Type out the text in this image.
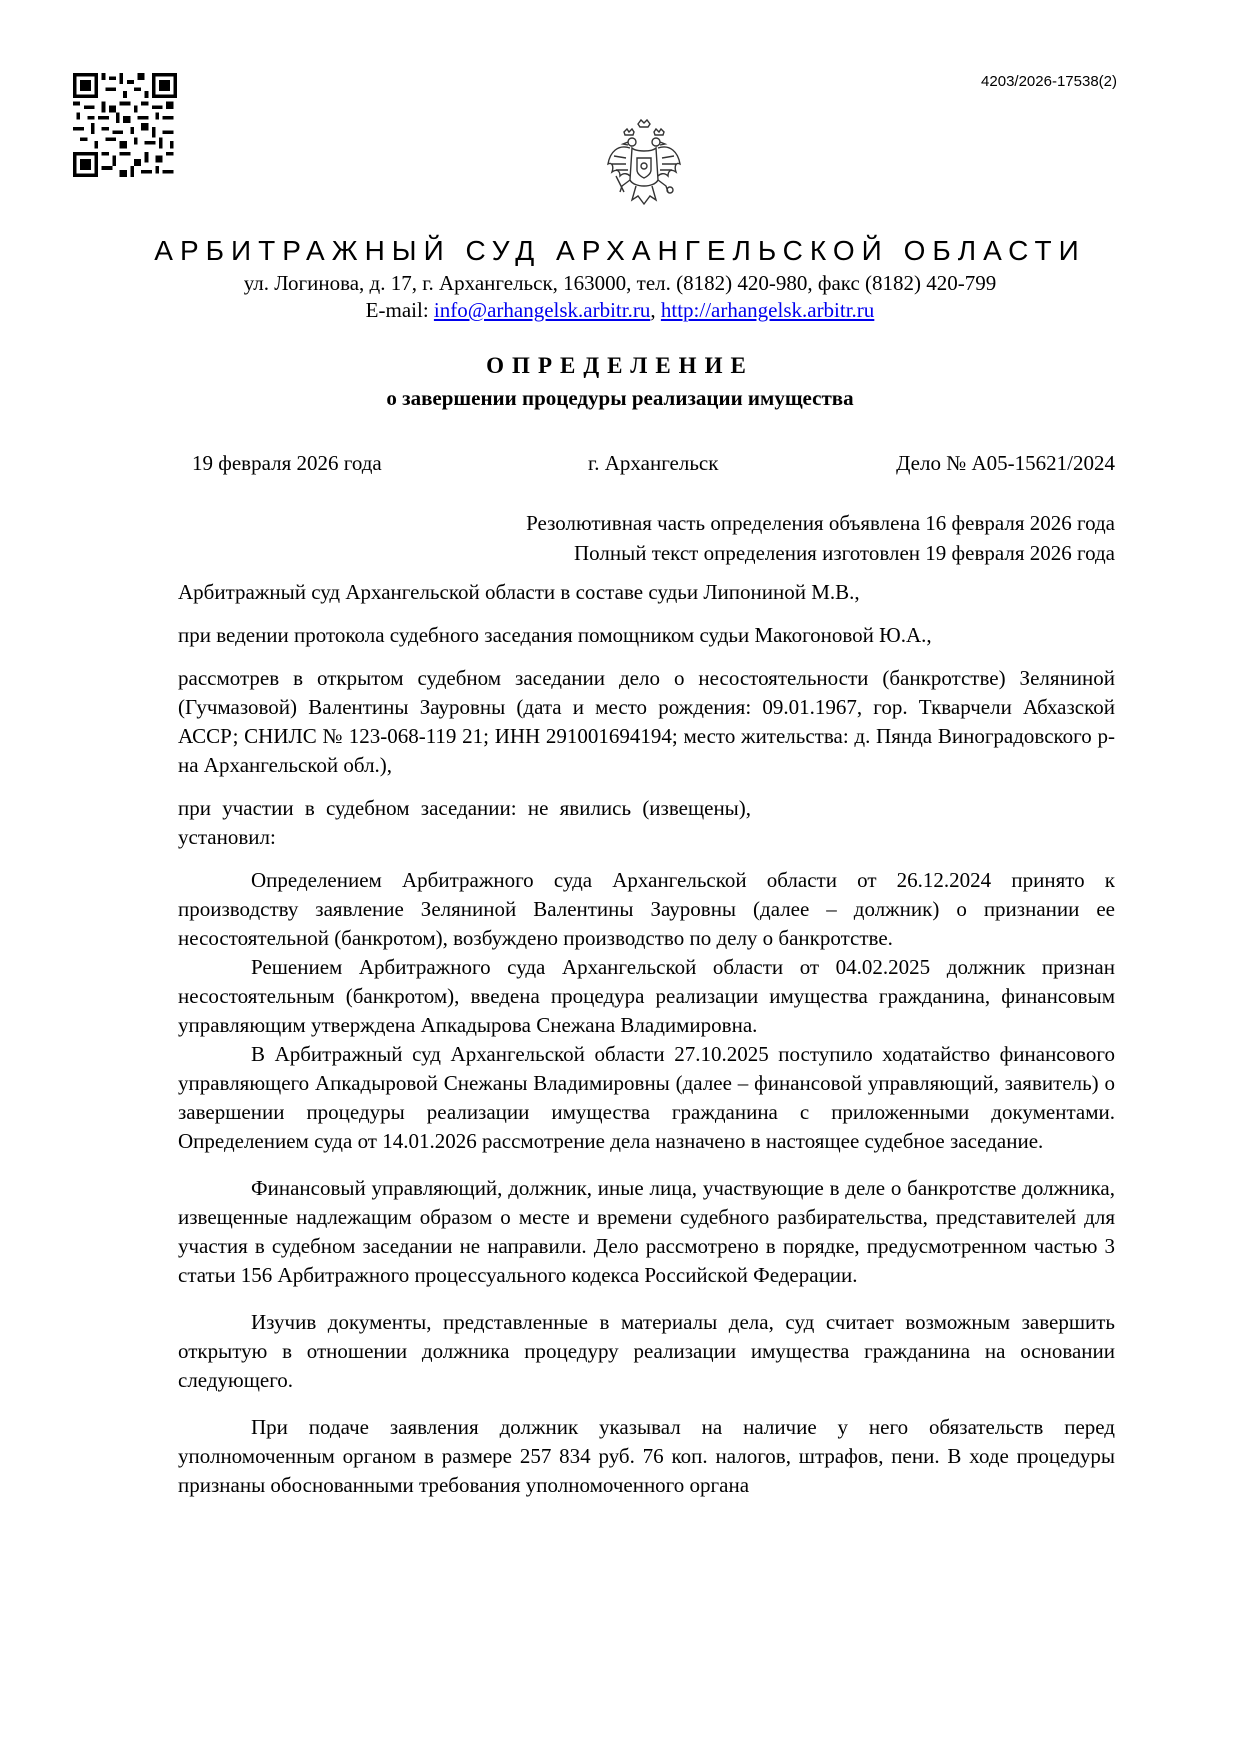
4203/2026-17538(2)
АРБИТРАЖНЫЙ СУД АРХАНГЕЛЬСКОЙ ОБЛАСТИ
ул. Логинова, д. 17, г. Архангельск, 163000, тел. (8182) 420-980, факс (8182) 420-799
E-mail: info@arhangelsk.arbitr.ru, http://arhangelsk.arbitr.ru
ОПРЕДЕЛЕНИЕ
о завершении процедуры реализации имущества
19 февраля 2026 года	г. Архангельск	Дело № А05-15621/2024
Резолютивная часть определения объявлена 16 февраля 2026 года
Полный текст определения изготовлен 19 февраля 2026 года

Арбитражный суд Архангельской области в составе судьи Липониной М.В.,

при ведении протокола судебного заседания помощником судьи Макогоновой Ю.А.,

рассмотрев в открытом судебном заседании дело о несостоятельности (банкротстве) Зеляниной (Гучмазовой) Валентины Зауровны (дата и место рождения: 09.01.1967, гор. Ткварчели Абхазской АССР; СНИЛС № 123-068-119 21; ИНН 291001694194; место жительства: д. Пянда Виноградовского р-на Архангельской обл.),

при участии в судебном заседании: не явились (извещены),

установил:

Определением Арбитражного суда Архангельской области от 26.12.2024 принято к производству заявление Зеляниной Валентины Зауровны (далее – должник) о признании ее несостоятельной (банкротом), возбуждено производство по делу о банкротстве.

Решением Арбитражного суда Архангельской области от 04.02.2025 должник признан несостоятельным (банкротом), введена процедура реализации имущества гражданина, финансовым управляющим утверждена Апкадырова Снежана Владимировна.

В Арбитражный суд Архангельской области 27.10.2025 поступило ходатайство финансового управляющего Апкадыровой Снежаны Владимировны (далее – финансовой управляющий, заявитель) о завершении процедуры реализации имущества гражданина с приложенными документами. Определением суда от 14.01.2026 рассмотрение дела назначено в настоящее судебное заседание.

Финансовый управляющий, должник, иные лица, участвующие в деле о банкротстве должника, извещенные надлежащим образом о месте и времени судебного разбирательства, представителей для участия в судебном заседании не направили. Дело рассмотрено в порядке, предусмотренном частью 3 статьи 156 Арбитражного процессуального кодекса Российской Федерации.

Изучив документы, представленные в материалы дела, суд считает возможным завершить открытую в отношении должника процедуру реализации имущества гражданина на основании следующего.

При подаче заявления должник указывал на наличие у него обязательств перед уполномоченным органом в размере 257 834 руб. 76 коп. налогов, штрафов, пени. В ходе процедуры признаны обоснованными требования уполномоченного органа
